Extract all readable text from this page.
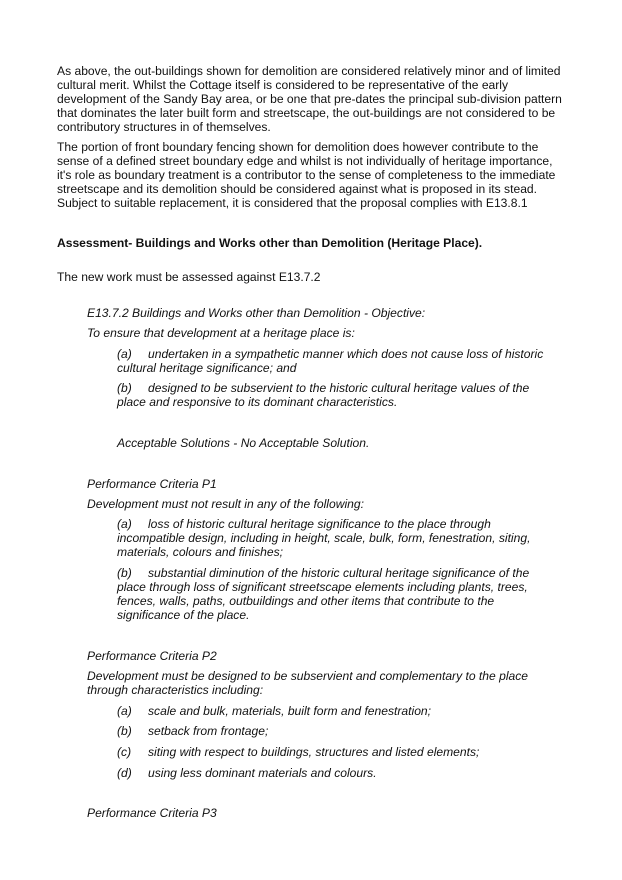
As above, the out-buildings shown for demolition are considered relatively minor and of limited cultural merit. Whilst the Cottage itself is considered to be representative of the early development of the Sandy Bay area, or be one that pre-dates the principal sub-division pattern that dominates the later built form and streetscape, the out-buildings are not considered to be contributory structures in of themselves.

The portion of front boundary fencing shown for demolition does however contribute to the sense of a defined street boundary edge and whilst is not individually of heritage importance, it's role as boundary treatment is a contributor to the sense of completeness to the immediate streetscape and its demolition should be considered against what is proposed in its stead. Subject to suitable replacement, it is considered that the proposal complies with E13.8.1

Assessment- Buildings and Works other than Demolition (Heritage Place).

The new work must be assessed against E13.7.2

E13.7.2 Buildings and Works other than Demolition - Objective:

To ensure that development at a heritage place is:

(a) undertaken in a sympathetic manner which does not cause loss of historic cultural heritage significance; and

(b) designed to be subservient to the historic cultural heritage values of the place and responsive to its dominant characteristics.

Acceptable Solutions - No Acceptable Solution.

Performance Criteria P1

Development must not result in any of the following:

(a) loss of historic cultural heritage significance to the place through incompatible design, including in height, scale, bulk, form, fenestration, siting, materials, colours and finishes;

(b) substantial diminution of the historic cultural heritage significance of the place through loss of significant streetscape elements including plants, trees, fences, walls, paths, outbuildings and other items that contribute to the significance of the place.

Performance Criteria P2

Development must be designed to be subservient and complementary to the place through characteristics including:

(a) scale and bulk, materials, built form and fenestration;

(b) setback from frontage;

(c) siting with respect to buildings, structures and listed elements;

(d) using less dominant materials and colours.

Performance Criteria P3
